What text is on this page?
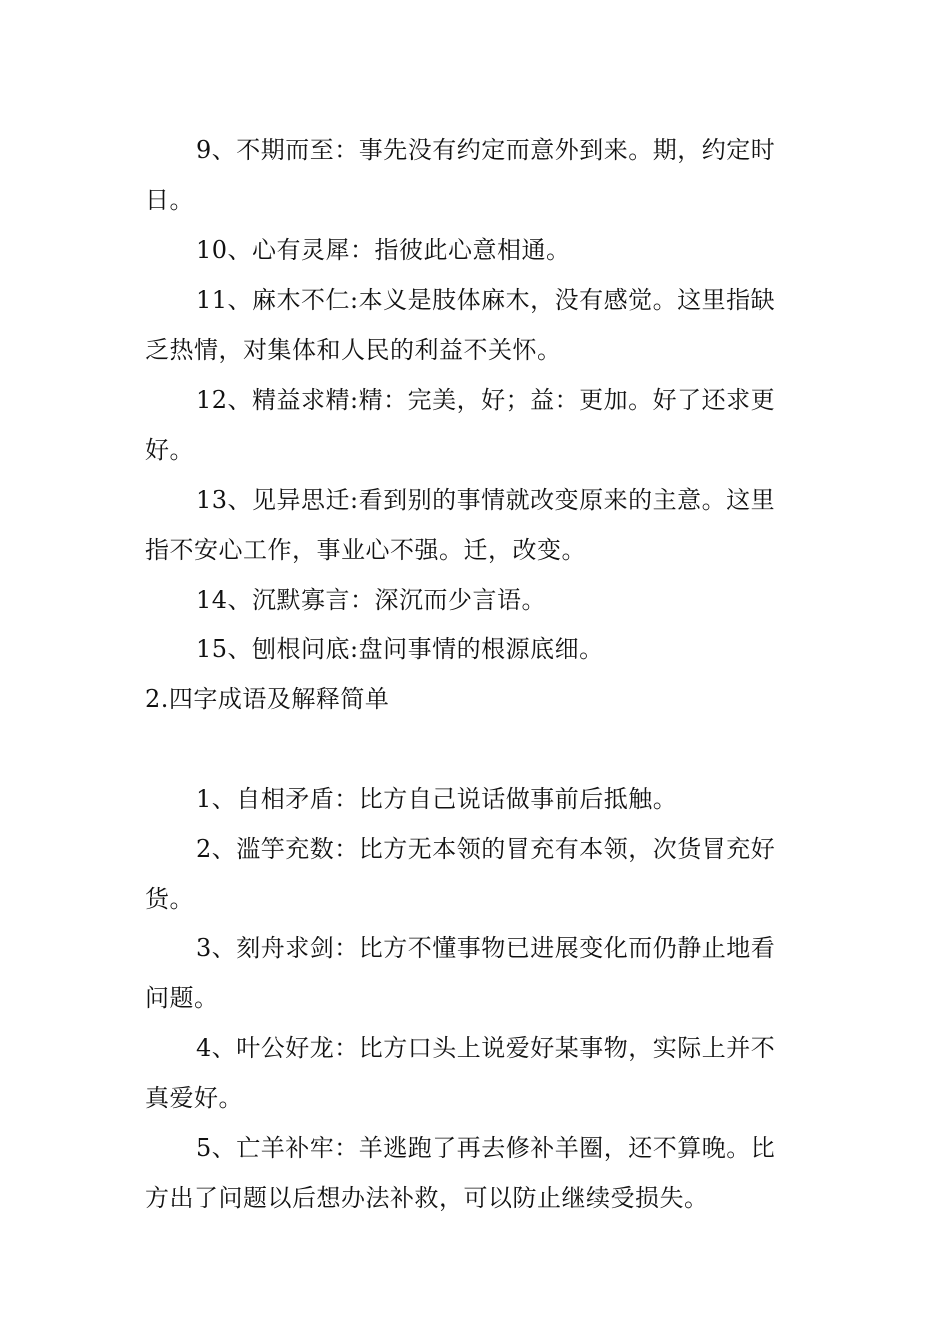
9、不期而至：事先没有约定而意外到来。期，约定时
日。
10、心有灵犀：指彼此心意相通。
11、麻木不仁:本义是肢体麻木，没有感觉。这里指缺
乏热情，对集体和人民的利益不关怀。
12、精益求精:精：完美，好；益：更加。好了还求更
好。
13、见异思迁:看到别的事情就改变原来的主意。这里
指不安心工作，事业心不强。迁，改变。
14、沉默寡言：深沉而少言语。
15、刨根问底:盘问事情的根源底细。
2.四字成语及解释简单
1、自相矛盾：比方自己说话做事前后抵触。
2、滥竽充数：比方无本领的冒充有本领，次货冒充好
货。
3、刻舟求剑：比方不懂事物已进展变化而仍静止地看
问题。
4、叶公好龙：比方口头上说爱好某事物，实际上并不
真爱好。
5、亡羊补牢：羊逃跑了再去修补羊圈，还不算晚。比
方出了问题以后想办法补救，可以防止继续受损失。
